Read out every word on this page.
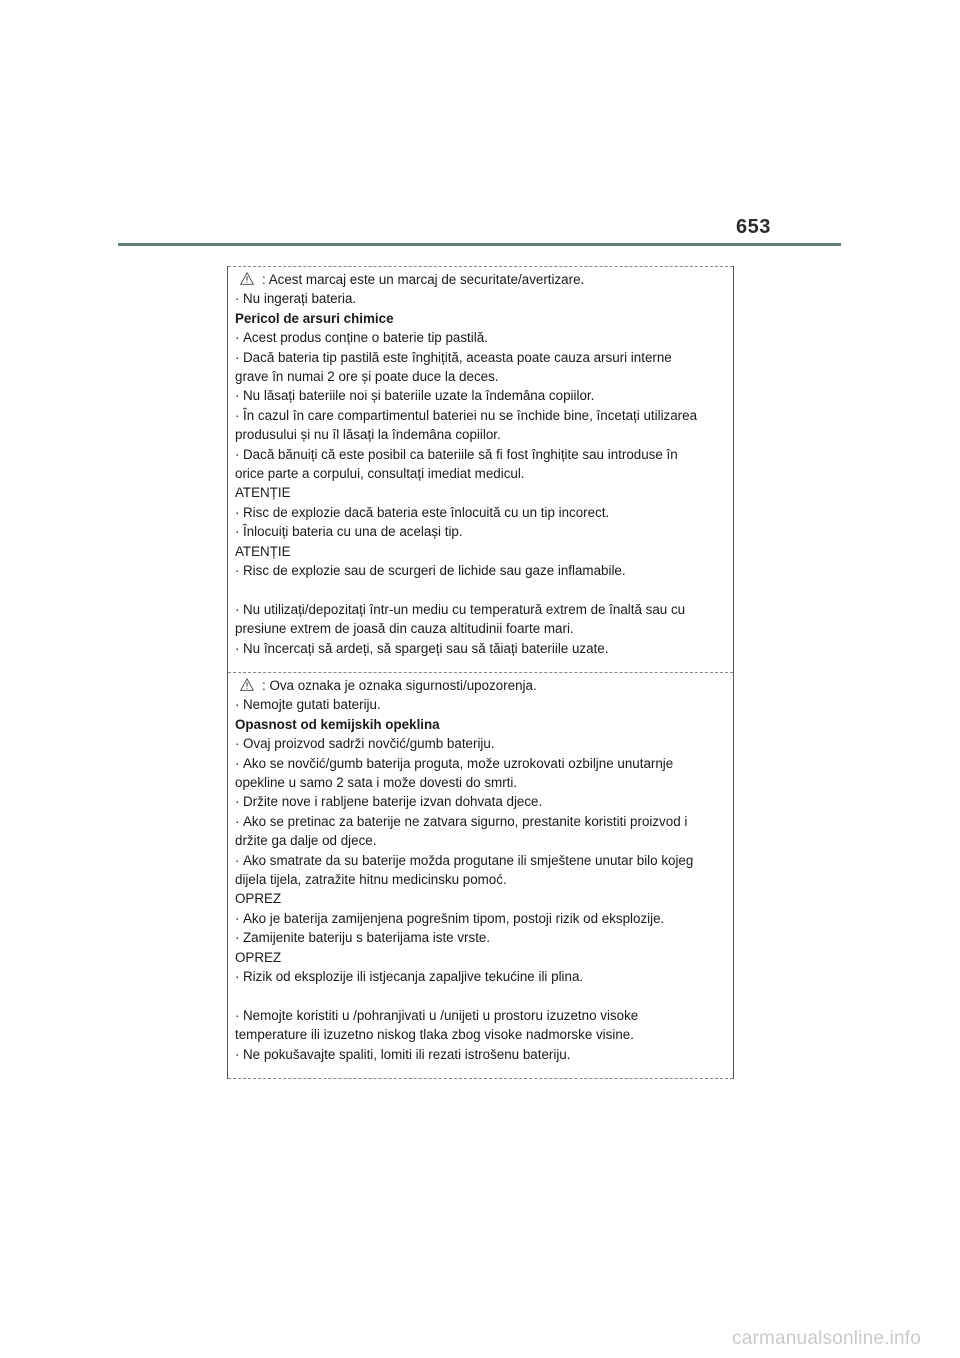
653

: Acest marcaj este un marcaj de securitate/avertizare.

· Nu ingerați bateria.

Pericol de arsuri chimice

· Acest produs conține o baterie tip pastilă.

· Dacă bateria tip pastilă este înghițită, aceasta poate cauza arsuri interne

grave în numai 2 ore și poate duce la deces.

· Nu lăsați bateriile noi și bateriile uzate la îndemâna copiilor.

· În cazul în care compartimentul bateriei nu se închide bine, încetați utilizarea

produsului și nu îl lăsați la îndemâna copiilor.

· Dacă bănuiți că este posibil ca bateriile să fi fost înghițite sau introduse în

orice parte a corpului, consultați imediat medicul.

ATENȚIE

· Risc de explozie dacă bateria este înlocuită cu un tip incorect.

· Înlocuiți bateria cu una de același tip.

ATENȚIE

· Risc de explozie sau de scurgeri de lichide sau gaze inflamabile.

· Nu utilizați/depozitați într-un mediu cu temperatură extrem de înaltă sau cu

presiune extrem de joasă din cauza altitudinii foarte mari.

· Nu încercați să ardeți, să spargeți sau să tăiați bateriile uzate.

: Ova oznaka je oznaka sigurnosti/upozorenja.

· Nemojte gutati bateriju.

Opasnost od kemijskih opeklina

· Ovaj proizvod sadrži novčić/gumb bateriju.

· Ako se novčić/gumb baterija proguta, može uzrokovati ozbiljne unutarnje

opekline u samo 2 sata i može dovesti do smrti.

· Držite nove i rabljene baterije izvan dohvata djece.

· Ako se pretinac za baterije ne zatvara sigurno, prestanite koristiti proizvod i

držite ga dalje od djece.

· Ako smatrate da su baterije možda progutane ili smještene unutar bilo kojeg

dijela tijela, zatražite hitnu medicinsku pomoć.

OPREZ

· Ako je baterija zamijenjena pogrešnim tipom, postoji rizik od eksplozije.

· Zamijenite bateriju s baterijama iste vrste.

OPREZ

· Rizik od eksplozije ili istjecanja zapaljive tekućine ili plina.

· Nemojte koristiti u /pohranjivati u /unijeti u prostoru izuzetno visoke

temperature ili izuzetno niskog tlaka zbog visoke nadmorske visine.

· Ne pokušavajte spaliti, lomiti ili rezati istrošenu bateriju.

carmanualsonline.info
